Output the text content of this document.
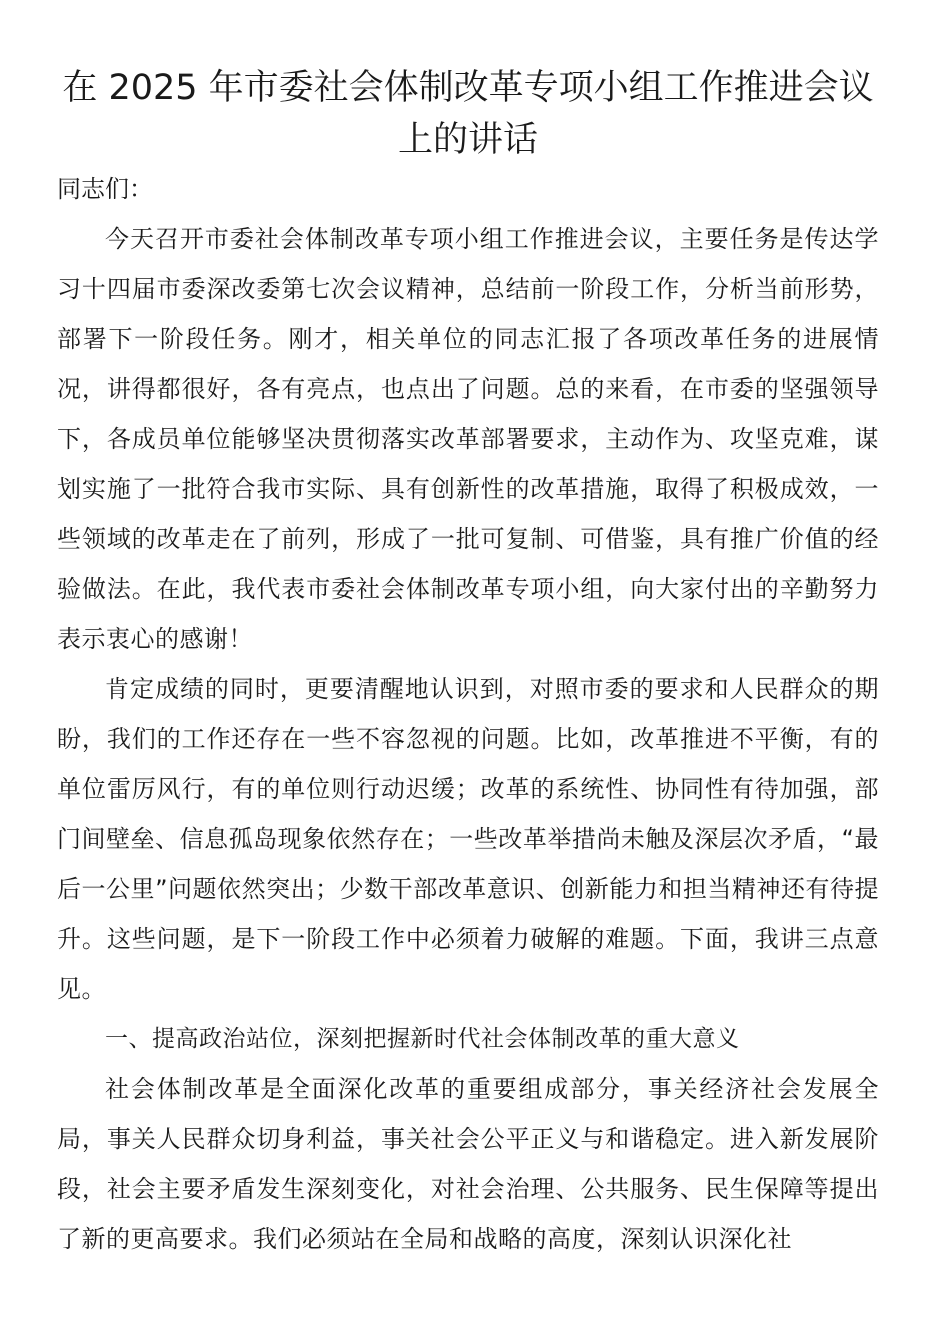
在 2025 年市委社会体制改革专项小组工作推进会议上的讲话

同志们：

今天召开市委社会体制改革专项小组工作推进会议，主要任务是传达学习十四届市委深改委第七次会议精神，总结前一阶段工作，分析当前形势，部署下一阶段任务。刚才，相关单位的同志汇报了各项改革任务的进展情况，讲得都很好，各有亮点，也点出了问题。总的来看，在市委的坚强领导下，各成员单位能够坚决贯彻落实改革部署要求，主动作为、攻坚克难，谋划实施了一批符合我市实际、具有创新性的改革措施，取得了积极成效，一些领域的改革走在了前列，形成了一批可复制、可借鉴，具有推广价值的经验做法。在此，我代表市委社会体制改革专项小组，向大家付出的辛勤努力表示衷心的感谢！

肯定成绩的同时，更要清醒地认识到，对照市委的要求和人民群众的期盼，我们的工作还存在一些不容忽视的问题。比如，改革推进不平衡，有的单位雷厉风行，有的单位则行动迟缓；改革的系统性、协同性有待加强，部门间壁垒、信息孤岛现象依然存在；一些改革举措尚未触及深层次矛盾，“最后一公里”问题依然突出；少数干部改革意识、创新能力和担当精神还有待提升。这些问题，是下一阶段工作中必须着力破解的难题。下面，我讲三点意见。

一、提高政治站位，深刻把握新时代社会体制改革的重大意义

社会体制改革是全面深化改革的重要组成部分，事关经济社会发展全局，事关人民群众切身利益，事关社会公平正义与和谐稳定。进入新发展阶段，社会主要矛盾发生深刻变化，对社会治理、公共服务、民生保障等提出了新的更高要求。我们必须站在全局和战略的高度，深刻认识深化社
